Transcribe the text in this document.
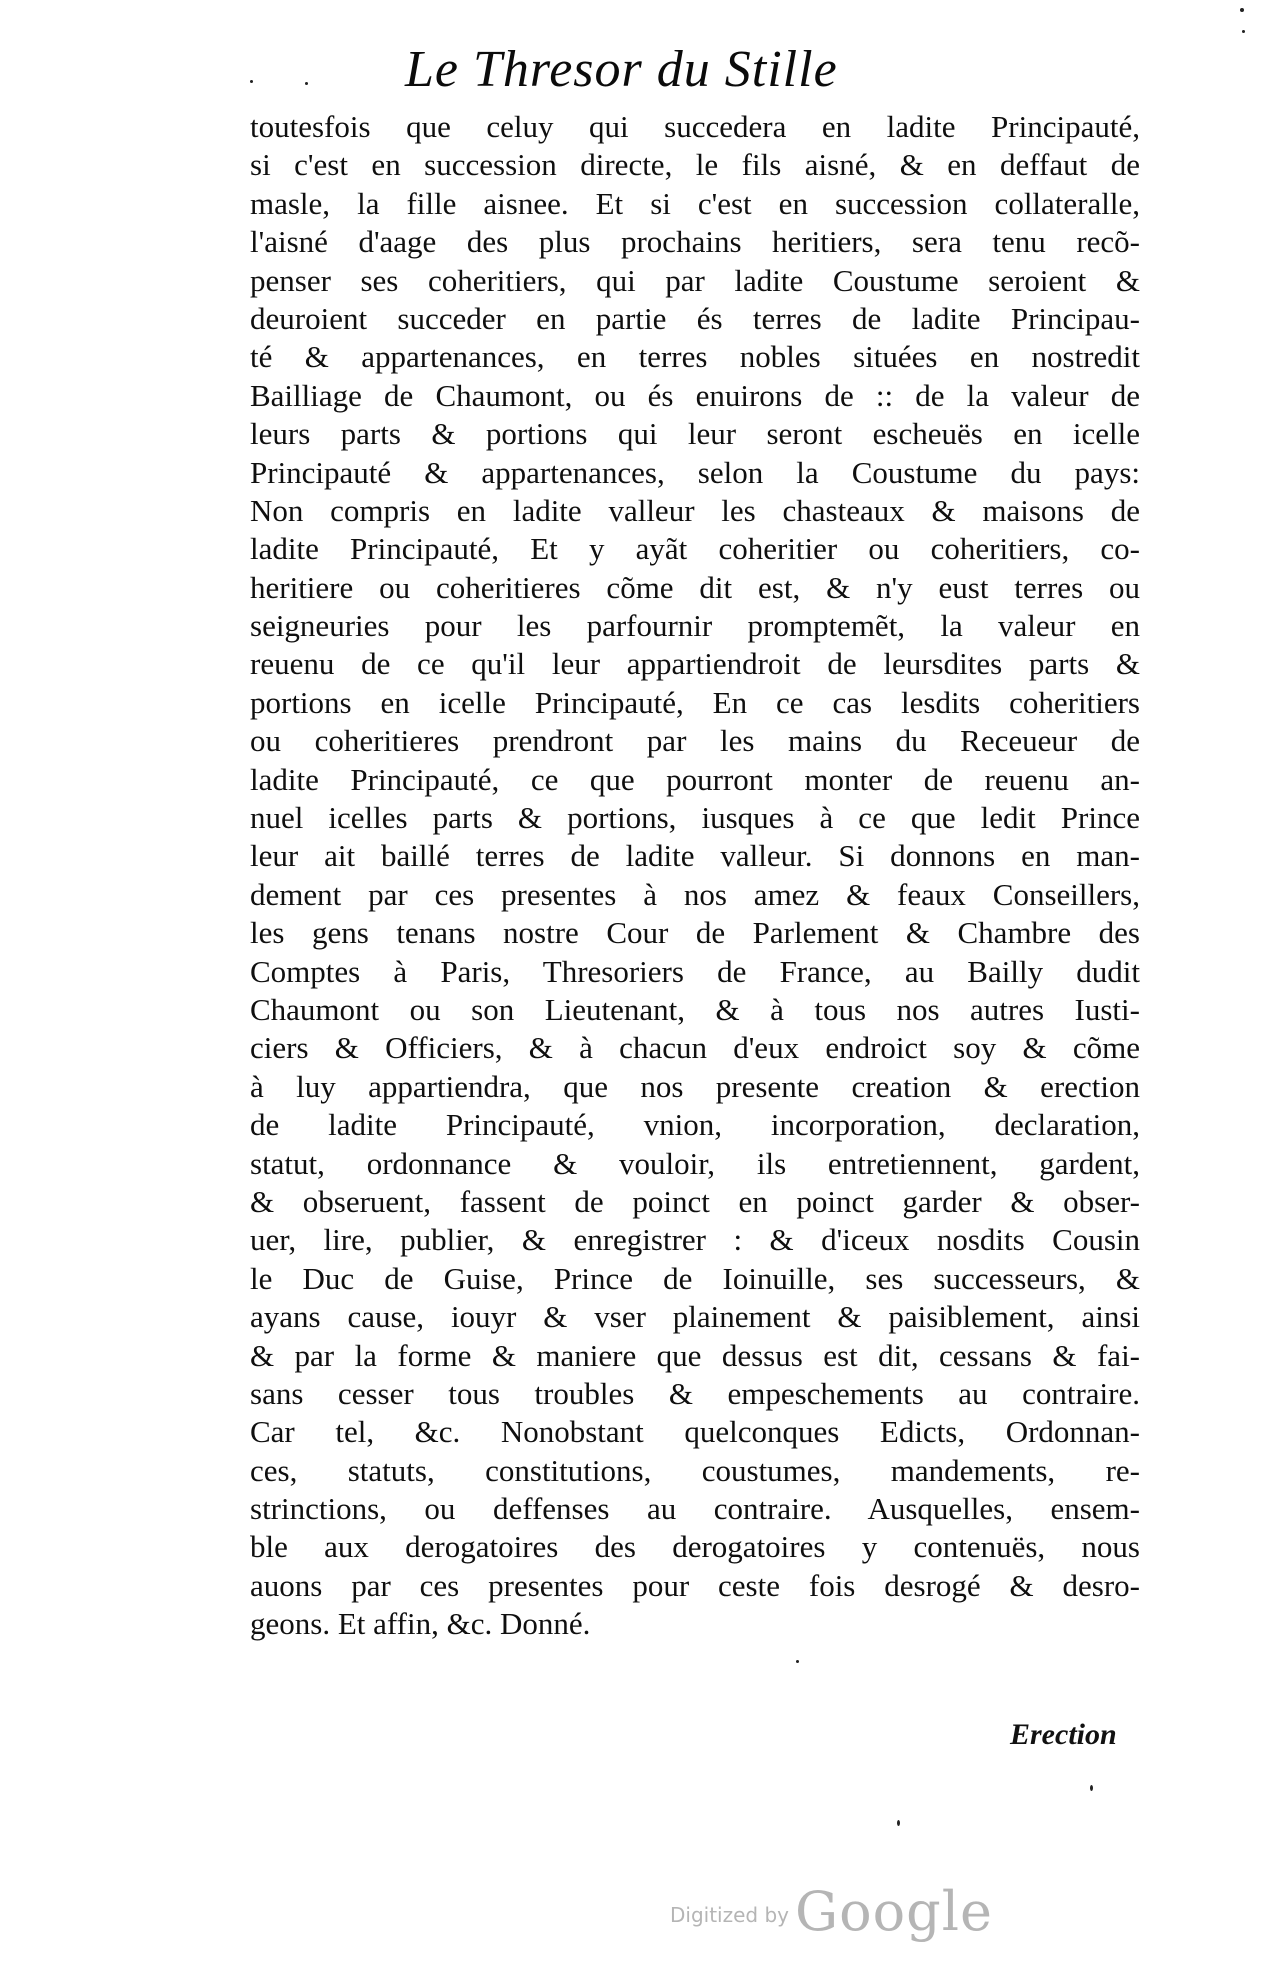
Le Thresor du Stille
toutesfois que celuy qui succedera en ladite Principauté,
si c'est en succession directe, le fils aisné, & en deffaut de
masle, la fille aisnee. Et si c'est en succession collateralle,
l'aisné d'aage des plus prochains heritiers, sera tenu recõ-
penser ses coheritiers, qui par ladite Coustume seroient &
deuroient succeder en partie és terres de ladite Principau-
té & appartenances, en terres nobles situées en nostredit
Bailliage de Chaumont, ou és enuirons de :: de la valeur de
leurs parts & portions qui leur seront escheuës en icelle
Principauté & appartenances, selon la Coustume du pays:
Non compris en ladite valleur les chasteaux & maisons de
ladite Principauté, Et y ayãt coheritier ou coheritiers, co-
heritiere ou coheritieres cõme dit est, & n'y eust terres ou
seigneuries pour les parfournir promptemẽt, la valeur en
reuenu de ce qu'il leur appartiendroit de leursdites parts &
portions en icelle Principauté, En ce cas lesdits coheritiers
ou coheritieres prendront par les mains du Receueur de
ladite Principauté, ce que pourront monter de reuenu an-
nuel icelles parts & portions, iusques à ce que ledit Prince
leur ait baillé terres de ladite valleur. Si donnons en man-
dement par ces presentes à nos amez & feaux Conseillers,
les gens tenans nostre Cour de Parlement & Chambre des
Comptes à Paris, Thresoriers de France, au Bailly dudit
Chaumont ou son Lieutenant, & à tous nos autres Iusti-
ciers & Officiers, & à chacun d'eux endroict soy & cõme
à luy appartiendra, que nos presente creation & erection
de ladite Principauté, vnion, incorporation, declaration,
statut, ordonnance & vouloir, ils entretiennent, gardent,
& obseruent, fassent de poinct en poinct garder & obser-
uer, lire, publier, & enregistrer : & d'iceux nosdits Cousin
le Duc de Guise, Prince de Ioinuille, ses successeurs, &
ayans cause, iouyr & vser plainement & paisiblement, ainsi
& par la forme & maniere que dessus est dit, cessans & fai-
sans cesser tous troubles & empeschements au contraire.
Car tel, &c. Nonobstant quelconques Edicts, Ordonnan-
ces, statuts, constitutions, coustumes, mandements, re-
strinctions, ou deffenses au contraire. Ausquelles, ensem-
ble aux derogatoires des derogatoires y contenuës, nous
auons par ces presentes pour ceste fois desrogé & desro-
geons. Et affin, &c. Donné.
Erection
Digitized by Google
